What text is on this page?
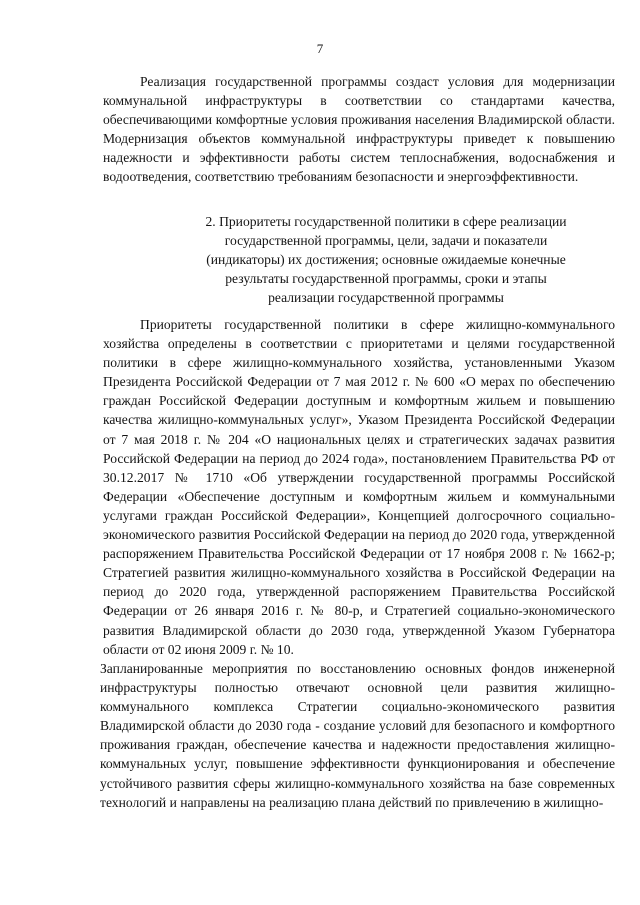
7

Реализация государственной программы создаст условия для модернизации коммунальной инфраструктуры в соответствии со стандартами качества, обеспечивающими комфортные условия проживания населения Владимирской области. Модернизация объектов коммунальной инфраструктуры приведет к повышению надежности и эффективности работы систем теплоснабжения, водоснабжения и водоотведения, соответствию требованиям безопасности и энергоэффективности.

2. Приоритеты государственной политики в сфере реализации
государственной программы, цели, задачи и показатели
(индикаторы) их достижения; основные ожидаемые конечные
результаты государственной программы, сроки и этапы
реализации государственной программы

Приоритеты государственной политики в сфере жилищно-коммунального хозяйства определены в соответствии с приоритетами и целями государственной политики в сфере жилищно-коммунального хозяйства, установленными Указом Президента Российской Федерации от 7 мая 2012 г. № 600 «О мерах по обеспечению граждан Российской Федерации доступным и комфортным жильем и повышению качества жилищно-коммунальных услуг», Указом Президента Российской Федерации от 7 мая 2018 г. № 204 «О национальных целях и стратегических задачах развития Российской Федерации на период до 2024 года», постановлением Правительства РФ от 30.12.2017 № 1710 «Об утверждении государственной программы Российской Федерации «Обеспечение доступным и комфортным жильем и коммунальными услугами граждан Российской Федерации», Концепцией долгосрочного социально-экономического развития Российской Федерации на период до 2020 года, утвержденной распоряжением Правительства Российской Федерации от 17 ноября 2008 г. № 1662-р; Стратегией развития жилищно-коммунального хозяйства в Российской Федерации на период до 2020 года, утвержденной распоряжением Правительства Российской Федерации от 26 января 2016 г. № 80-р, и Стратегией социально-экономического развития Владимирской области до 2030 года, утвержденной Указом Губернатора области от 02 июня 2009 г. № 10.

Запланированные мероприятия по восстановлению основных фондов инженерной инфраструктуры полностью отвечают основной цели развития жилищно-коммунального комплекса Стратегии социально-экономического развития Владимирской области до 2030 года - создание условий для безопасного и комфортного проживания граждан, обеспечение качества и надежности предоставления жилищно-коммунальных услуг, повышение эффективности функционирования и обеспечение устойчивого развития сферы жилищно-коммунального хозяйства на базе современных технологий и направлены на реализацию плана действий по привлечению в жилищно-
